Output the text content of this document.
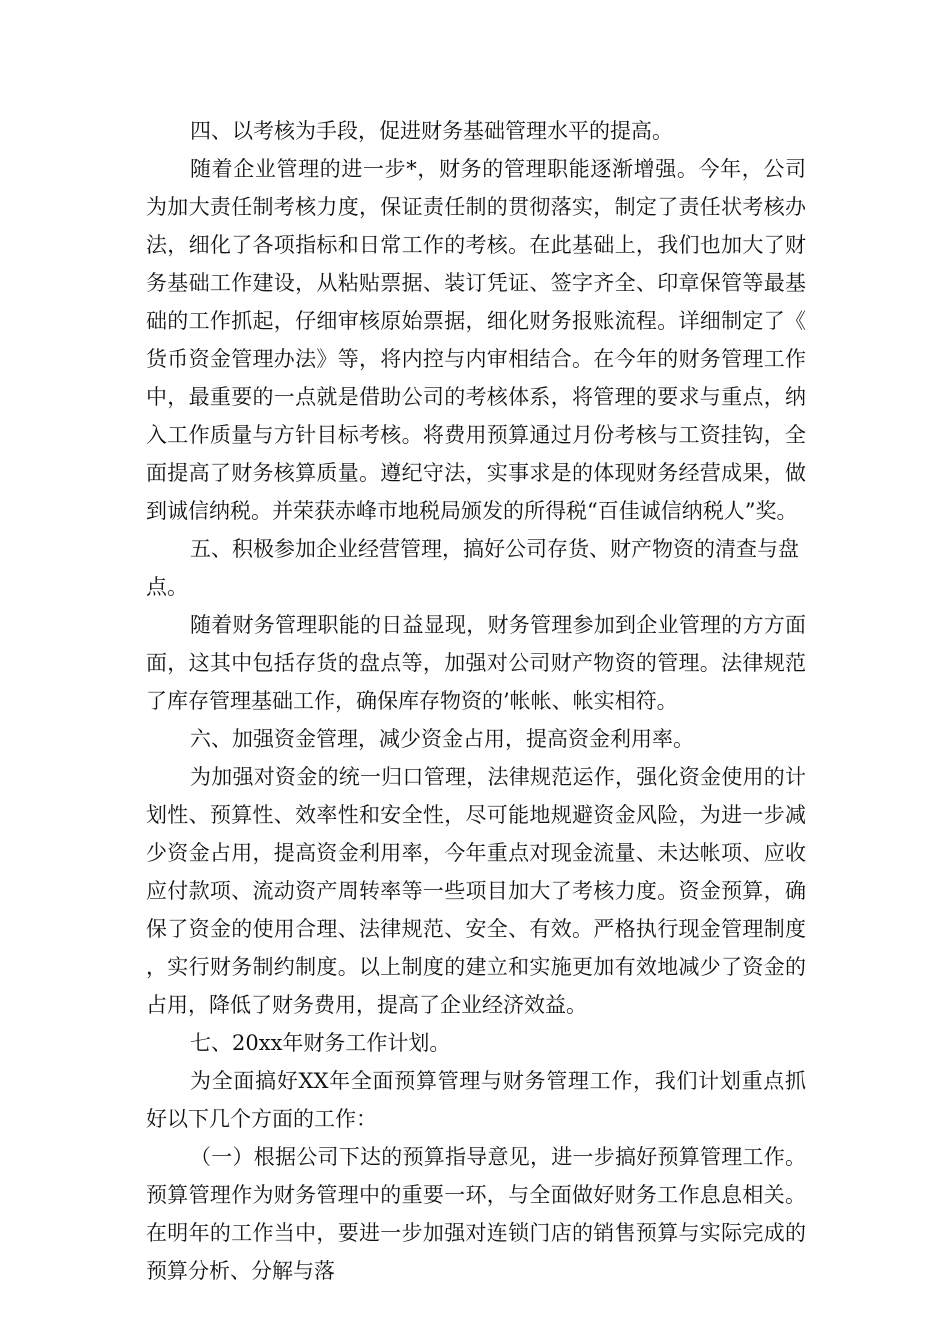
四、以考核为手段，促进财务基础管理水平的提高。

随着企业管理的进一步*，财务的管理职能逐渐增强。今年，公司为加大责任制考核力度，保证责任制的贯彻落实，制定了责任状考核办法，细化了各项指标和日常工作的考核。在此基础上，我们也加大了财务基础工作建设，从粘贴票据、装订凭证、签字齐全、印章保管等最基础的工作抓起，仔细审核原始票据，细化财务报账流程。详细制定了《货币资金管理办法》等，将内控与内审相结合。在今年的财务管理工作中，最重要的一点就是借助公司的考核体系，将管理的要求与重点，纳入工作质量与方针目标考核。将费用预算通过月份考核与工资挂钩，全面提高了财务核算质量。遵纪守法，实事求是的体现财务经营成果，做到诚信纳税。并荣获赤峰市地税局颁发的所得税“百佳诚信纳税人”奖。

五、积极参加企业经营管理，搞好公司存货、财产物资的清查与盘点。

随着财务管理职能的日益显现，财务管理参加到企业管理的方方面面，这其中包括存货的盘点等，加强对公司财产物资的管理。法律规范了库存管理基础工作，确保库存物资的’帐帐、帐实相符。

六、加强资金管理，减少资金占用，提高资金利用率。

为加强对资金的统一归口管理，法律规范运作，强化资金使用的计划性、预算性、效率性和安全性，尽可能地规避资金风险，为进一步减少资金占用，提高资金利用率，今年重点对现金流量、未达帐项、应收应付款项、流动资产周转率等一些项目加大了考核力度。资金预算，确保了资金的使用合理、法律规范、安全、有效。严格执行现金管理制度，实行财务制约制度。以上制度的建立和实施更加有效地减少了资金的占用，降低了财务费用，提高了企业经济效益。

七、20xx年财务工作计划。

为全面搞好XX年全面预算管理与财务管理工作，我们计划重点抓好以下几个方面的工作：

（一）根据公司下达的预算指导意见，进一步搞好预算管理工作。预算管理作为财务管理中的重要一环，与全面做好财务工作息息相关。在明年的工作当中，要进一步加强对连锁门店的销售预算与实际完成的预算分析、分解与落
